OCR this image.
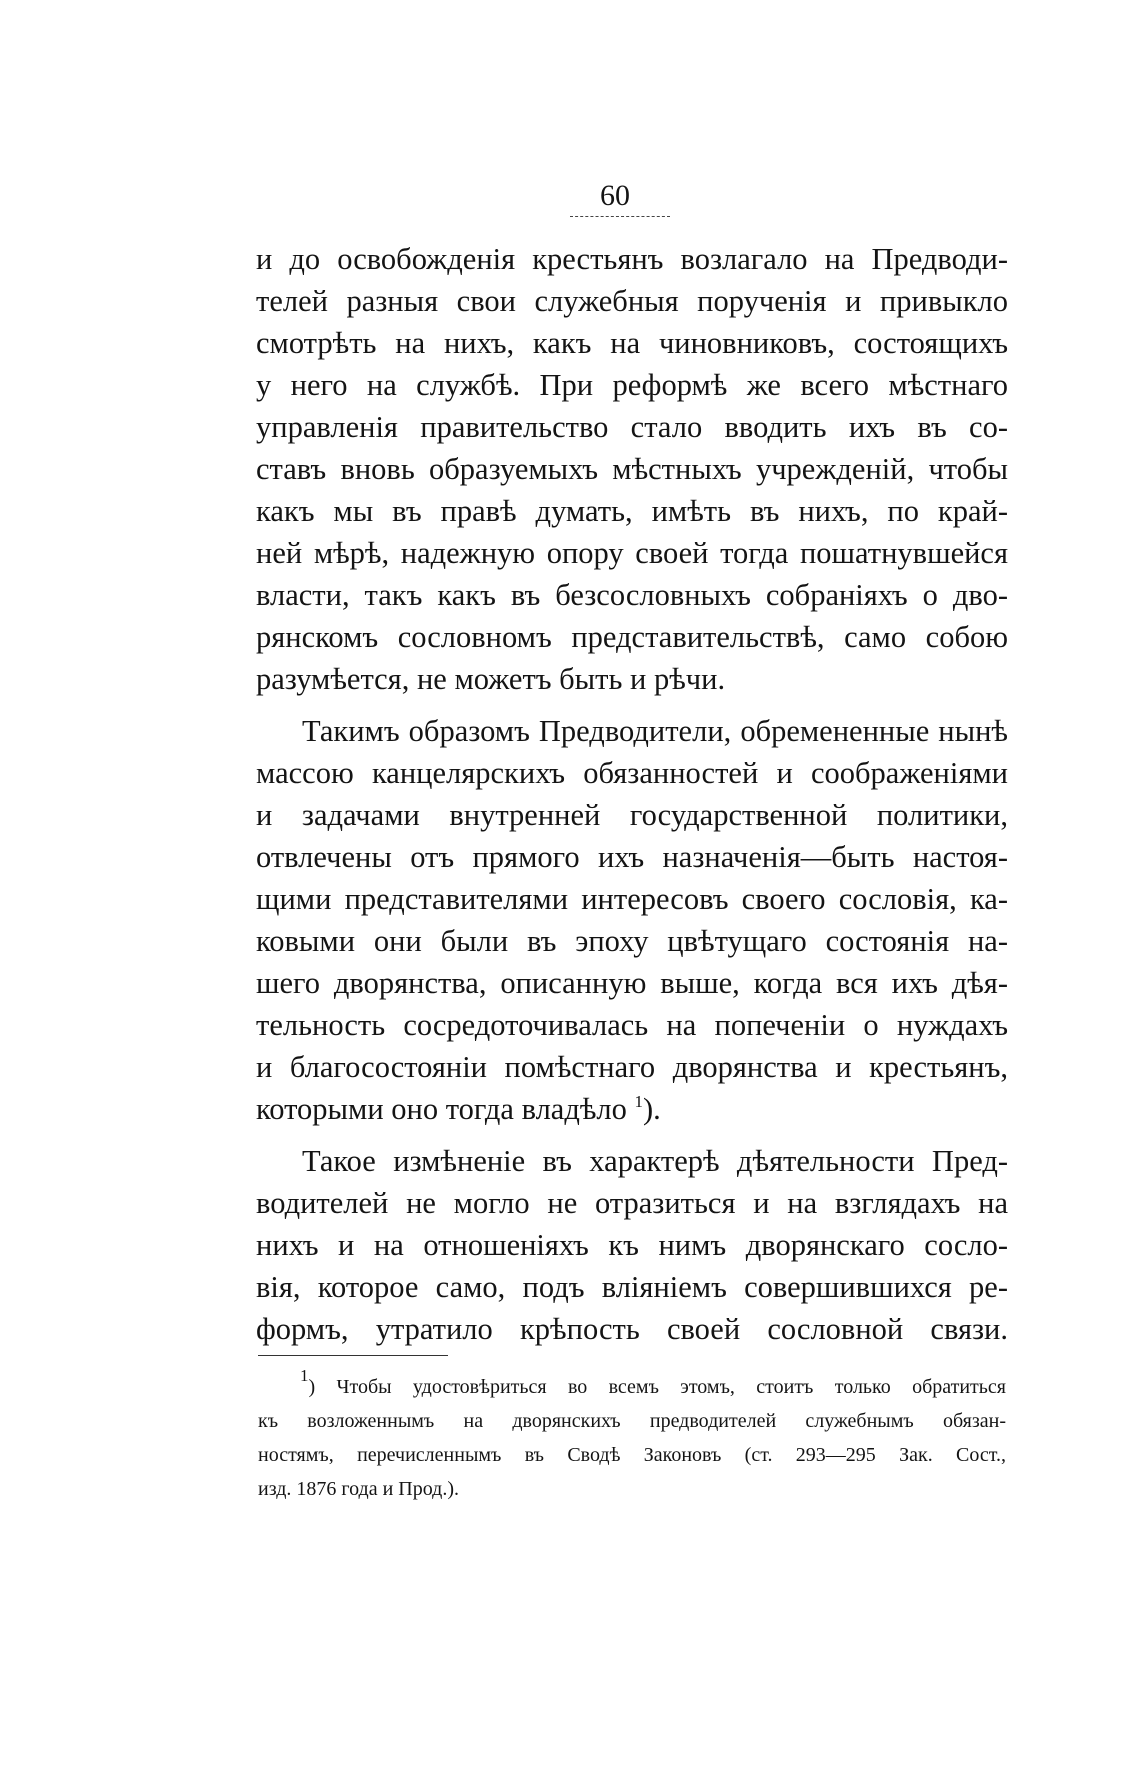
60
и до освобожденія крестьянъ возлагало на Предводи-
телей разныя свои служебныя порученія и привыкло
смотрѣть на нихъ, какъ на чиновниковъ, состоящихъ
у него на службѣ. При реформѣ же всего мѣстнаго
управленія правительство стало вводить ихъ въ со-
ставъ вновь образуемыхъ мѣстныхъ учрежденій, чтобы
какъ мы въ правѣ думать, имѣть въ нихъ, по край-
ней мѣрѣ, надежную опору своей тогда пошатнувшейся
власти, такъ какъ въ безсословныхъ собраніяхъ о дво-
рянскомъ сословномъ представительствѣ, само собою
разумѣется, не можетъ быть и рѣчи.
Такимъ образомъ Предводители, обремененные нынѣ
массою канцелярскихъ обязанностей и соображеніями
и задачами внутренней государственной политики,
отвлечены отъ прямого ихъ назначенія—быть настоя-
щими представителями интересовъ своего сословія, ка-
ковыми они были въ эпоху цвѣтущаго состоянія на-
шего дворянства, описанную выше, когда вся ихъ дѣя-
тельность сосредоточивалась на попеченіи о нуждахъ
и благосостояніи помѣстнаго дворянства и крестьянъ,
которыми оно тогда владѣло $^1$).
Такое измѣненіе въ характерѣ дѣятельности Пред-
водителей не могло не отразиться и на взглядахъ на
нихъ и на отношеніяхъ къ нимъ дворянскаго сосло-
вія, которое само, подъ вліяніемъ совершившихся ре-
формъ, утратило крѣпость своей сословной связи.
$^1$) Чтобы удостовѣриться во всемъ этомъ, стоитъ только обратиться
къ возложеннымъ на дворянскихъ предводителей служебнымъ обязан-
ностямъ, перечисленнымъ въ Сводѣ Законовъ (ст. 293—295 Зак. Сост.,
изд. 1876 года и Прод.).
